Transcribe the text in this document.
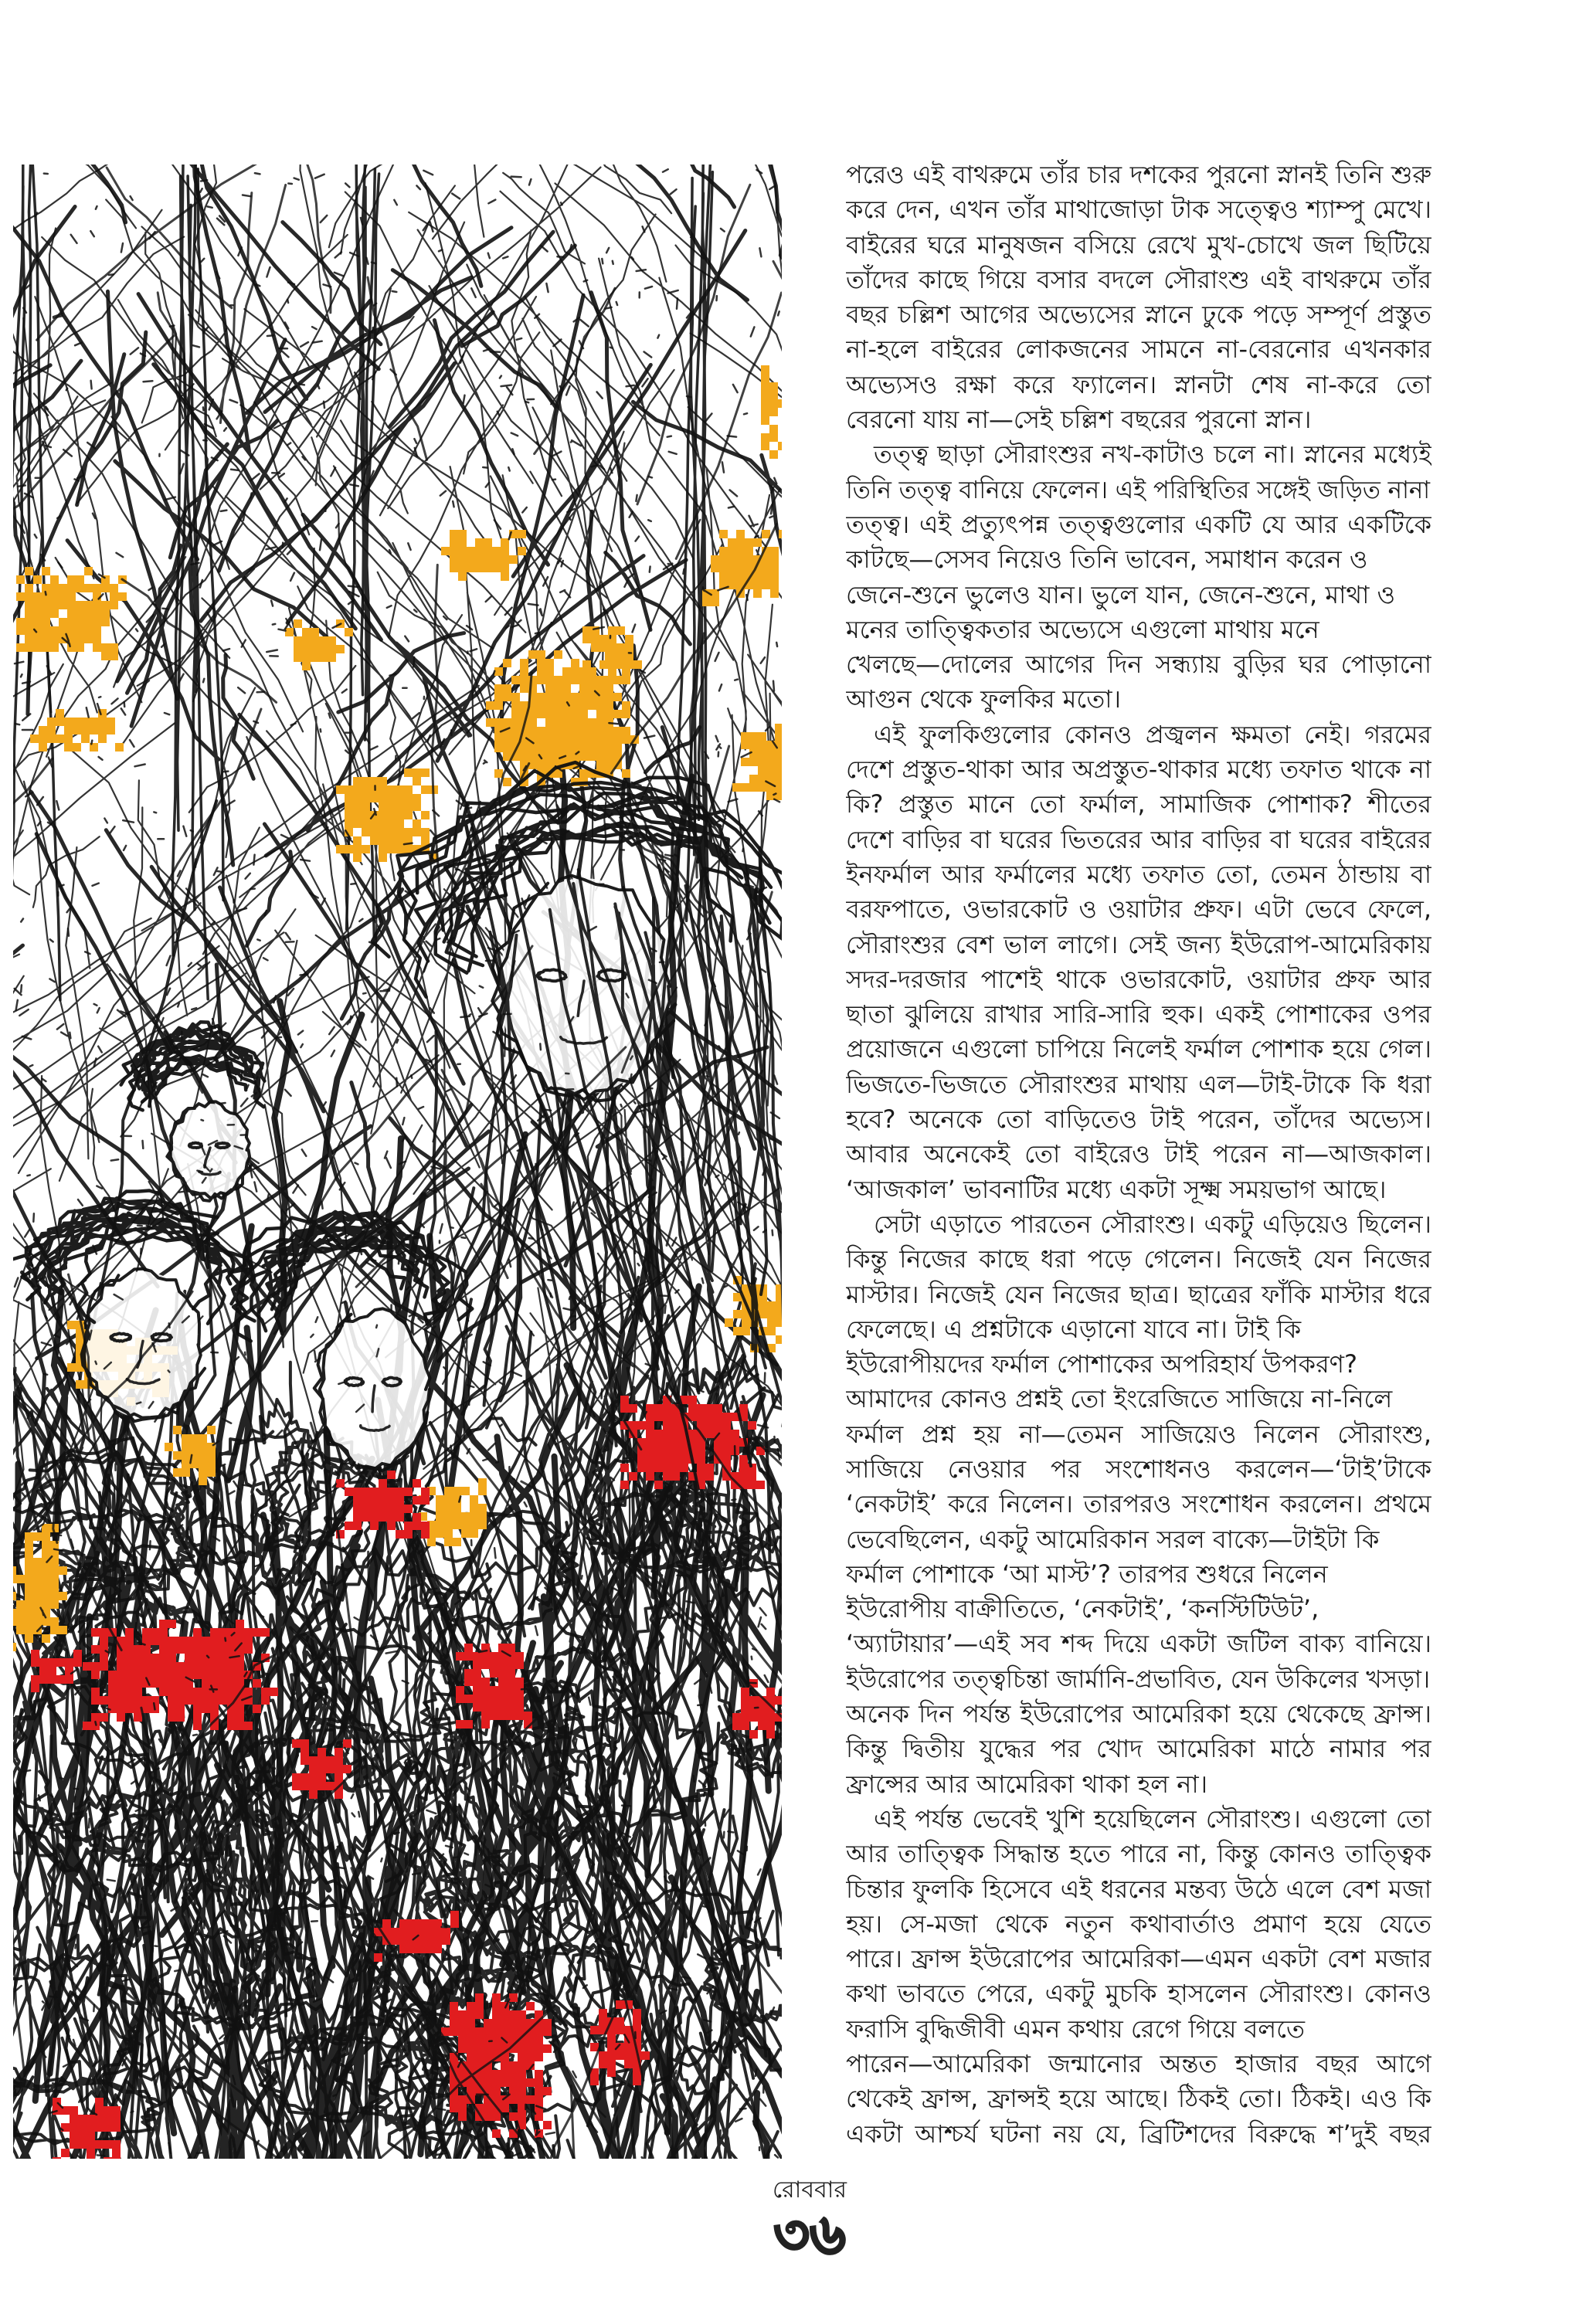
পরেও এই বাথরুমে তাঁর চার দশকের পুরনো স্নানই তিনি শুরু
করে দেন, এখন তাঁর মাথাজোড়া টাক সত্ত্বেও শ্যাম্পু মেখে।
বাইরের ঘরে মানুষজন বসিয়ে রেখে মুখ-চোখে জল ছিটিয়ে
তাঁদের কাছে গিয়ে বসার বদলে সৌরাংশু এই বাথরুমে তাঁর
বছর চল্লিশ আগের অভ্যেসের স্নানে ঢুকে পড়ে সম্পূর্ণ প্রস্তুত
না-হলে বাইরের লোকজনের সামনে না-বেরনোর এখনকার
অভ্যেসও রক্ষা করে ফ্যালেন। স্নানটা শেষ না-করে তো
বেরনো যায় না—সেই চল্লিশ বছরের পুরনো স্নান।
তত্ত্ব ছাড়া সৌরাংশুর নখ-কাটাও চলে না। স্নানের মধ্যেই
তিনি তত্ত্ব বানিয়ে ফেলেন। এই পরিস্থিতির সঙ্গেই জড়িত নানা
তত্ত্ব। এই প্রত্যুৎপন্ন তত্ত্বগুলোর একটি যে আর একটিকে
কাটছে—সেসব নিয়েও তিনি ভাবেন, সমাধান করেন ও
জেনে-শুনে ভুলেও যান। ভুলে যান, জেনে-শুনে, মাথা ও
মনের তাত্ত্বিকতার অভ্যেসে এগুলো মাথায় মনে
খেলছে—দোলের আগের দিন সন্ধ্যায় বুড়ির ঘর পোড়ানো
আগুন থেকে ফুলকির মতো।
এই ফুলকিগুলোর কোনও প্রজ্বলন ক্ষমতা নেই। গরমের
দেশে প্রস্তুত-থাকা আর অপ্রস্তুত-থাকার মধ্যে তফাত থাকে না
কি? প্রস্তুত মানে তো ফর্মাল, সামাজিক পোশাক? শীতের
দেশে বাড়ির বা ঘরের ভিতরের আর বাড়ির বা ঘরের বাইরের
ইনফর্মাল আর ফর্মালের মধ্যে তফাত তো, তেমন ঠান্ডায় বা
বরফপাতে, ওভারকোট ও ওয়াটার প্রুফ। এটা ভেবে ফেলে,
সৌরাংশুর বেশ ভাল লাগে। সেই জন্য ইউরোপ-আমেরিকায়
সদর-দরজার পাশেই থাকে ওভারকোট, ওয়াটার প্রুফ আর
ছাতা ঝুলিয়ে রাখার সারি-সারি হুক। একই পোশাকের ওপর
প্রয়োজনে এগুলো চাপিয়ে নিলেই ফর্মাল পোশাক হয়ে গেল।
ভিজতে-ভিজতে সৌরাংশুর মাথায় এল—টাই-টাকে কি ধরা
হবে? অনেকে তো বাড়িতেও টাই পরেন, তাঁদের অভ্যেস।
আবার অনেকেই তো বাইরেও টাই পরেন না—আজকাল।
‘আজকাল’ ভাবনাটির মধ্যে একটা সূক্ষ্ম সময়ভাগ আছে।
সেটা এড়াতে পারতেন সৌরাংশু। একটু এড়িয়েও ছিলেন।
কিন্তু নিজের কাছে ধরা পড়ে গেলেন। নিজেই যেন নিজের
মাস্টার। নিজেই যেন নিজের ছাত্র। ছাত্রের ফাঁকি মাস্টার ধরে
ফেলেছে। এ প্রশ্নটাকে এড়ানো যাবে না। টাই কি
ইউরোপীয়দের ফর্মাল পোশাকের অপরিহার্য উপকরণ?
আমাদের কোনও প্রশ্নই তো ইংরেজিতে সাজিয়ে না-নিলে
ফর্মাল প্রশ্ন হয় না—তেমন সাজিয়েও নিলেন সৌরাংশু,
সাজিয়ে নেওয়ার পর সংশোধনও করলেন—‘টাই’টাকে
‘নেকটাই’ করে নিলেন। তারপরও সংশোধন করলেন। প্রথমে
ভেবেছিলেন, একটু আমেরিকান সরল বাক্যে—টাইটা কি
ফর্মাল পোশাকে ‘আ মাস্ট’? তারপর শুধরে নিলেন
ইউরোপীয় বাক্রীতিতে, ‘নেকটাই’, ‘কনস্টিটিউট’,
‘অ্যাটায়ার’—এই সব শব্দ দিয়ে একটা জটিল বাক্য বানিয়ে।
ইউরোপের তত্ত্বচিন্তা জার্মানি-প্রভাবিত, যেন উকিলের খসড়া।
অনেক দিন পর্যন্ত ইউরোপের আমেরিকা হয়ে থেকেছে ফ্রান্স।
কিন্তু দ্বিতীয় যুদ্ধের পর খোদ আমেরিকা মাঠে নামার পর
ফ্রান্সের আর আমেরিকা থাকা হল না।
এই পর্যন্ত ভেবেই খুশি হয়েছিলেন সৌরাংশু। এগুলো তো
আর তাত্ত্বিক সিদ্ধান্ত হতে পারে না, কিন্তু কোনও তাত্ত্বিক
চিন্তার ফুলকি হিসেবে এই ধরনের মন্তব্য উঠে এলে বেশ মজা
হয়। সে-মজা থেকে নতুন কথাবার্তাও প্রমাণ হয়ে যেতে
পারে। ফ্রান্স ইউরোপের আমেরিকা—এমন একটা বেশ মজার
কথা ভাবতে পেরে, একটু মুচকি হাসলেন সৌরাংশু। কোনও
ফরাসি বুদ্ধিজীবী এমন কথায় রেগে গিয়ে বলতে
পারেন—আমেরিকা জন্মানোর অন্তত হাজার বছর আগে
থেকেই ফ্রান্স, ফ্রান্সই হয়ে আছে। ঠিকই তো। ঠিকই। এও কি
একটা আশ্চর্য ঘটনা নয় যে, ব্রিটিশদের বিরুদ্ধে শ’দুই বছর
রোববার
৩৬
